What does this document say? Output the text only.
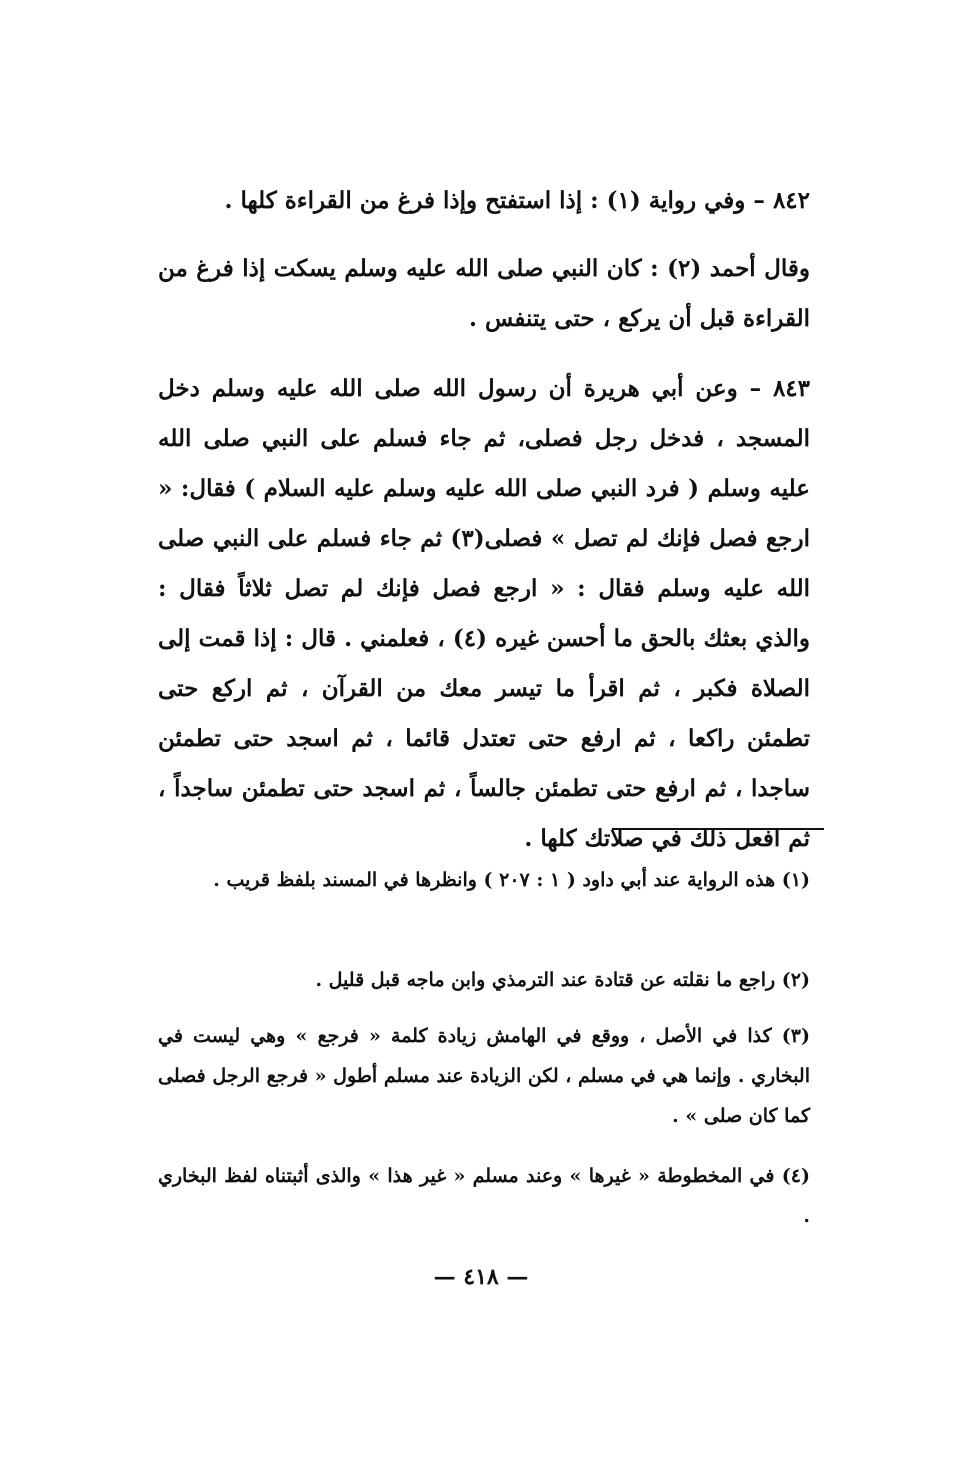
٨٤٢ – وفي رواية (١) : إذا استفتح وإذا فرغ من القراءة كلها .

وقال أحمد (٢) : كان النبي صلى الله عليه وسلم يسكت إذا فرغ من القراءة قبل أن يركع ، حتى يتنفس .

٨٤٣ – وعن أبي هريرة أن رسول الله صلى الله عليه وسلم دخل المسجد ، فدخل رجل فصلى، ثم جاء فسلم على النبي صلى الله عليه وسلم ( فرد النبي صلى الله عليه وسلم عليه السلام ) فقال: « ارجع فصل فإنك لم تصل » فصلى(٣) ثم جاء فسلم على النبي صلى الله عليه وسلم فقال : « ارجع فصل فإنك لم تصل ثلاثاً فقال : والذي بعثك بالحق ما أحسن غيره (٤) ، فعلمني . قال : إذا قمت إلى الصلاة فكبر ، ثم اقرأ ما تيسر معك من القرآن ، ثم اركع حتى تطمئن راكعا ، ثم ارفع حتى تعتدل قائما ، ثم اسجد حتى تطمئن ساجدا ، ثم ارفع حتى تطمئن جالساً ، ثم اسجد حتى تطمئن ساجداً ، ثم افعل ذلك في صلاتك كلها .

(١) هذه الرواية عند أبي داود ( ١ : ٢٠٧ ) وانظرها في المسند بلفظ قريب .

(٢) راجع ما نقلته عن قتادة عند الترمذي وابن ماجه قبل قليل .

(٣) كذا في الأصل ، ووقع في الهامش زيادة كلمة « فرجع » وهي ليست في البخاري . وإنما هي في مسلم ، لكن الزيادة عند مسلم أطول « فرجع الرجل فصلى كما كان صلى » .

(٤) في المخطوطة « غيرها » وعند مسلم « غير هذا » والذى أثبتناه لفظ البخاري .

— ٤١٨ —
